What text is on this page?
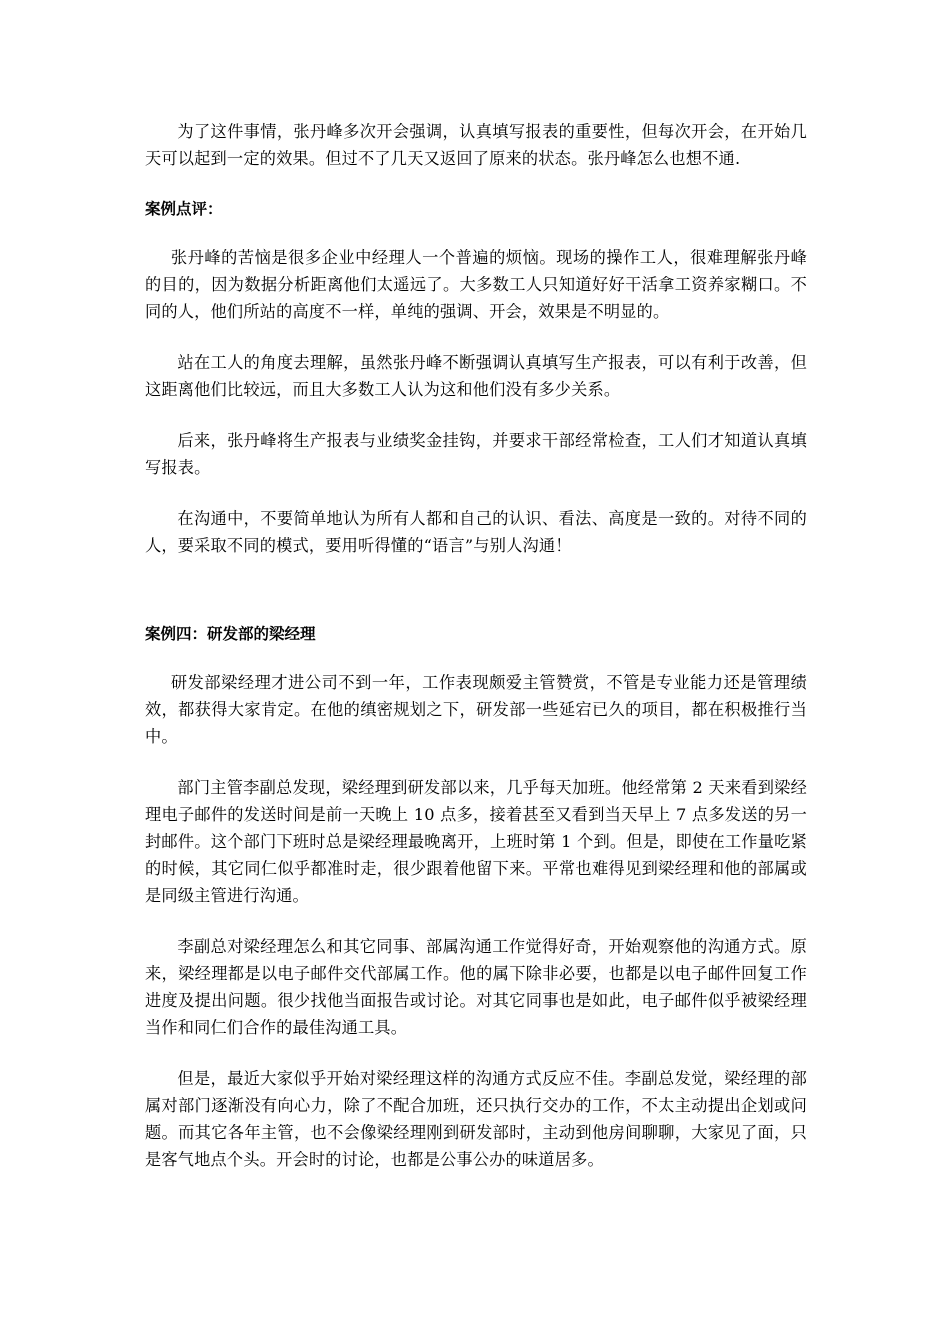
为了这件事情，张丹峰多次开会强调，认真填写报表的重要性，但每次开会，在开始几天可以起到一定的效果。但过不了几天又返回了原来的状态。张丹峰怎么也想不通.

案例点评：

张丹峰的苦恼是很多企业中经理人一个普遍的烦恼。现场的操作工人，很难理解张丹峰的目的，因为数据分析距离他们太遥远了。大多数工人只知道好好干活拿工资养家糊口。不同的人，他们所站的高度不一样，单纯的强调、开会，效果是不明显的。

站在工人的角度去理解，虽然张丹峰不断强调认真填写生产报表，可以有利于改善，但这距离他们比较远，而且大多数工人认为这和他们没有多少关系。

后来，张丹峰将生产报表与业绩奖金挂钩，并要求干部经常检查，工人们才知道认真填写报表。

在沟通中，不要简单地认为所有人都和自己的认识、看法、高度是一致的。对待不同的人，要采取不同的模式，要用听得懂的“语言”与别人沟通！

案例四：研发部的梁经理

研发部梁经理才进公司不到一年，工作表现颇爱主管赞赏，不管是专业能力还是管理绩效，都获得大家肯定。在他的缜密规划之下，研发部一些延宕已久的项目，都在积极推行当中。

部门主管李副总发现，梁经理到研发部以来，几乎每天加班。他经常第 2 天来看到梁经理电子邮件的发送时间是前一天晚上 10 点多，接着甚至又看到当天早上 7 点多发送的另一封邮件。这个部门下班时总是梁经理最晚离开，上班时第 1 个到。但是，即使在工作量吃紧的时候，其它同仁似乎都准时走，很少跟着他留下来。平常也难得见到梁经理和他的部属或是同级主管进行沟通。

李副总对梁经理怎么和其它同事、部属沟通工作觉得好奇，开始观察他的沟通方式。原来，梁经理都是以电子邮件交代部属工作。他的属下除非必要，也都是以电子邮件回复工作进度及提出问题。很少找他当面报告或讨论。对其它同事也是如此，电子邮件似乎被梁经理当作和同仁们合作的最佳沟通工具。

但是，最近大家似乎开始对梁经理这样的沟通方式反应不佳。李副总发觉，梁经理的部属对部门逐渐没有向心力，除了不配合加班，还只执行交办的工作，不太主动提出企划或问题。而其它各年主管，也不会像梁经理刚到研发部时，主动到他房间聊聊，大家见了面，只是客气地点个头。开会时的讨论，也都是公事公办的味道居多。
